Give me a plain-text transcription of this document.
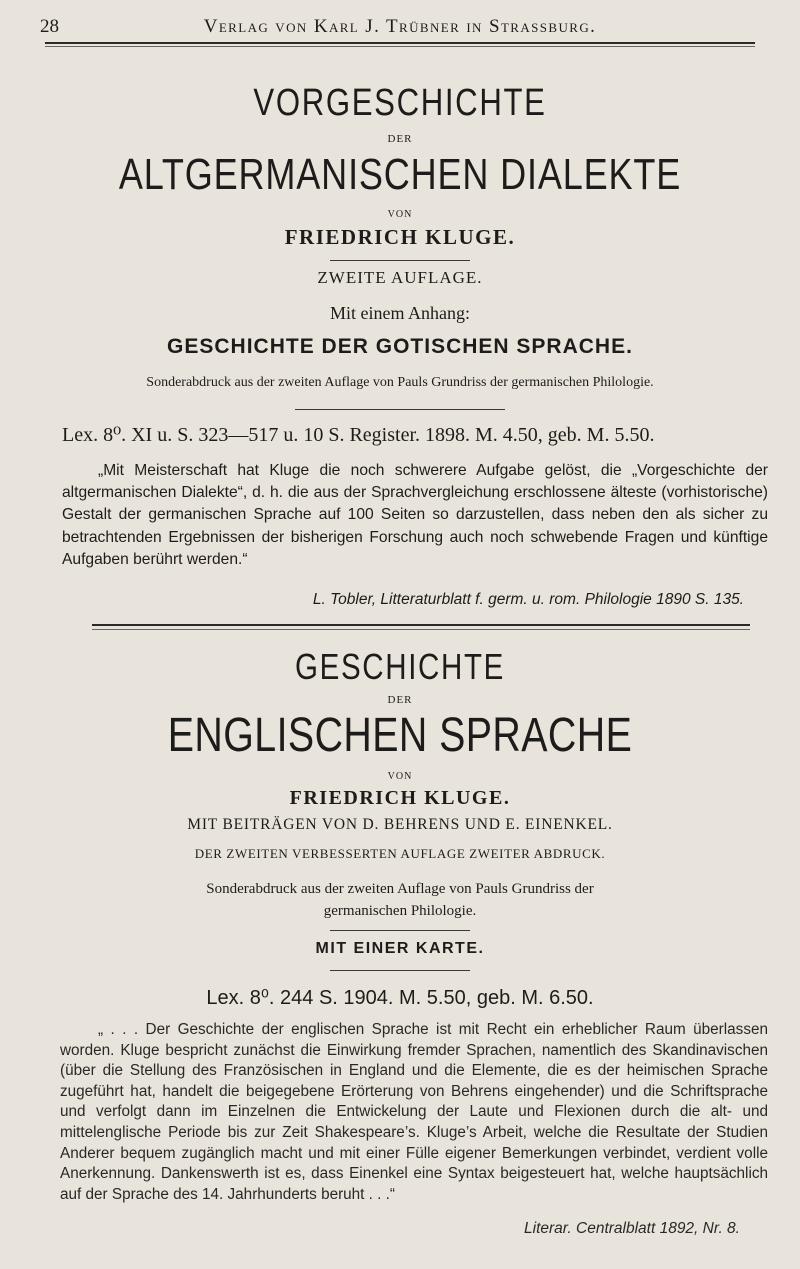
28	Verlag von Karl J. Trübner in Strassburg.
VORGESCHICHTE
DER
ALTGERMANISCHEN DIALEKTE
VON
FRIEDRICH KLUGE.
ZWEITE AUFLAGE.
Mit einem Anhang:
GESCHICHTE DER GOTISCHEN SPRACHE.
Sonderabdruck aus der zweiten Auflage von Pauls Grundriss der germanischen Philologie.
Lex. 8⁰. XI u. S. 323—517 u. 10 S. Register. 1898. M. 4.50, geb. M. 5.50.

„Mit Meisterschaft hat Kluge die noch schwerere Aufgabe gelöst, die „Vorgeschichte der altgermanischen Dialekte“, d. h. die aus der Sprachvergleichung erschlossene älteste (vorhistorische) Gestalt der germanischen Sprache auf 100 Seiten so darzustellen, dass neben den als sicher zu betrachtenden Ergebnissen der bisherigen Forschung auch noch schwebende Fragen und künftige Aufgaben berührt werden.“

L. Tobler, Litteraturblatt f. germ. u. rom. Philologie 1890 S. 135.
GESCHICHTE
DER
ENGLISCHEN SPRACHE
VON
FRIEDRICH KLUGE.
MIT BEITRÄGEN VON D. BEHRENS UND E. EINENKEL.
DER ZWEITEN VERBESSERTEN AUFLAGE ZWEITER ABDRUCK.
Sonderabdruck aus der zweiten Auflage von Pauls Grundriss der germanischen Philologie.
MIT EINER KARTE.
Lex. 8⁰. 244 S. 1904. M. 5.50, geb. M. 6.50.

„ . . . Der Geschichte der englischen Sprache ist mit Recht ein erheblicher Raum überlassen worden. Kluge bespricht zunächst die Einwirkung fremder Sprachen, namentlich des Skandinavischen (über die Stellung des Französischen in England und die Elemente, die es der heimischen Sprache zugeführt hat, handelt die beigegebene Erörterung von Behrens eingehender) und die Schriftsprache und verfolgt dann im Einzelnen die Entwickelung der Laute und Flexionen durch die alt- und mittelenglische Periode bis zur Zeit Shakespeare’s. Kluge’s Arbeit, welche die Resultate der Studien Anderer bequem zugänglich macht und mit einer Fülle eigener Bemerkungen verbindet, verdient volle Anerkennung. Dankenswerth ist es, dass Einenkel eine Syntax beigesteuert hat, welche hauptsächlich auf der Sprache des 14. Jahrhunderts beruht . . .“

Literar. Centralblatt 1892, Nr. 8.
